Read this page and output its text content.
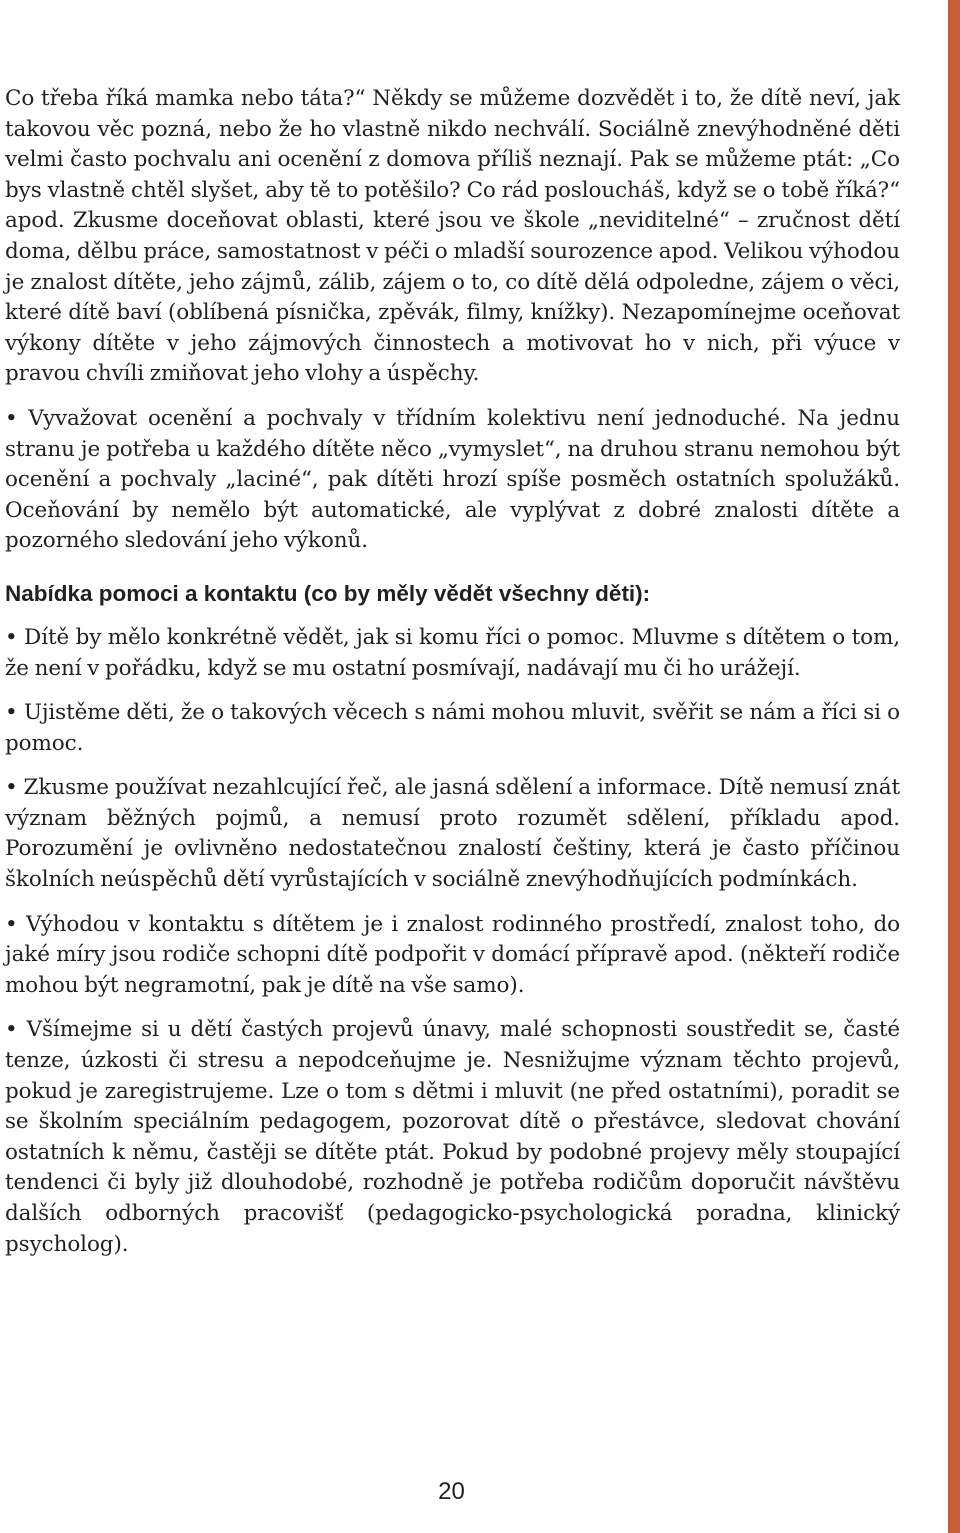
Co třeba říká mamka nebo táta?“ Někdy se můžeme dozvědět i to, že dítě neví, jak takovou věc pozná, nebo že ho vlastně nikdo nechválí. Sociálně znevýhodněné děti velmi často pochvalu ani ocenění z domova příliš neznají. Pak se můžeme ptát: „Co bys vlastně chtěl slyšet, aby tě to potěšilo? Co rád posloucháš, když se o tobě říká?“ apod. Zkusme doceňovat oblasti, které jsou ve škole „neviditelné“ – zručnost dětí doma, dělbu práce, samostatnost v péči o mladší sourozence apod. Velikou výhodou je znalost dítěte, jeho zájmů, zálib, zájem o to, co dítě dělá odpoledne, zájem o věci, které dítě baví (oblíbená písnička, zpěvák, filmy, knížky). Nezapomínejme oceňovat výkony dítěte v jeho zájmových činnostech a motivovat ho v nich, při výuce v pravou chvíli zmiňovat jeho vlohy a úspěchy.

• Vyvažovat ocenění a pochvaly v třídním kolektivu není jednoduché. Na jednu stranu je potřeba u každého dítěte něco „vymyslet“, na druhou stranu nemohou být ocenění a pochvaly „laciné“, pak dítěti hrozí spíše posměch ostatních spolužáků. Oceňování by nemělo být automatické, ale vyplývat z dobré znalosti dítěte a pozorného sledování jeho výkonů.

Nabídka pomoci a kontaktu (co by měly vědět všechny děti):

• Dítě by mělo konkrétně vědět, jak si komu říci o pomoc. Mluvme s dítětem o tom, že není v pořádku, když se mu ostatní posmívají, nadávají mu či ho urážejí.

• Ujistěme děti, že o takových věcech s námi mohou mluvit, svěřit se nám a říci si o pomoc.

• Zkusme používat nezahlcující řeč, ale jasná sdělení a informace. Dítě nemusí znát význam běžných pojmů, a nemusí proto rozumět sdělení, příkladu apod. Porozumění je ovlivněno nedostatečnou znalostí češtiny, která je často příčinou školních neúspěchů dětí vyrůstajících v sociálně znevýhodňujících podmínkách.

• Výhodou v kontaktu s dítětem je i znalost rodinného prostředí, znalost toho, do jaké míry jsou rodiče schopni dítě podpořit v domácí přípravě apod. (někteří rodiče mohou být negramotní, pak je dítě na vše samo).

• Všímejme si u dětí častých projevů únavy, malé schopnosti soustředit se, časté tenze, úzkosti či stresu a nepodceňujme je. Nesnižujme význam těchto projevů, pokud je zaregistrujeme. Lze o tom s dětmi i mluvit (ne před ostatními), poradit se se školním speciálním pedagogem, pozorovat dítě o přestávce, sledovat chování ostatních k němu, častěji se dítěte ptát. Pokud by podobné projevy měly stoupající tendenci či byly již dlouhodobé, rozhodně je potřeba rodičům doporučit návštěvu dalších odborných pracovišť (pedagogicko-psychologická poradna, klinický psycholog).

20
